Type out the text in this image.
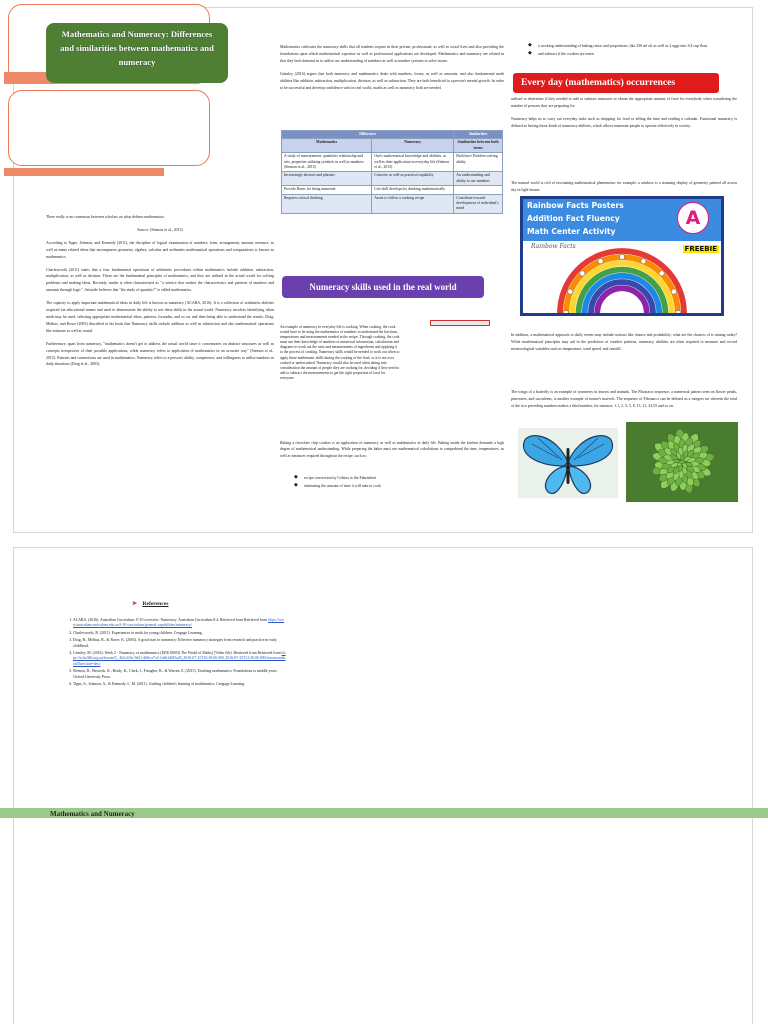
Mathematics and Numeracy: Differences and similarities between mathematics and numeracy

There really is no consensus between scholars on what defines mathematics.

Source: (Siemon et al., 2015)

According to Tippe, Johnson, and Kennedy (2011), the discipline of logical examination of numbers, form, arrangement, amount, measure, as well as many related ideas that encompasses geometry, algebra, calculus and arithmetic.mathematical operations and computations is known as mathematics.

Charlesworth (2011) states that a four fundamental operations of arithmetic procedures within mathematics include addition, subtraction, multiplication, as well as division. These are the fundamental principles of mathematics, and they are utilised in the actual world for solving problems and making ideas. Recently, maths is often characterized as "a science that studies the characteristics and patterns of numbers and amounts through logic". Aristotle believes that "the study of quantity?" is called mathematics.

The capacity to apply important mathematical ideas in daily life is known as numeracy (ACARA, 2016). It is a collection of arithmetic abilities acquired via educational means and used to demonstrate the ability to use these skills in the actual world. Numeracy involves identifying when math may be used, selecting appropriate mathematical ideas, patterns, formulas, and so on, and then being able to understand the results. Doig, Melhus, and Rowe (2003) described in his book that Numeracy skills include addition as well as subtraction and also mathematical operations like estimate as well as round.

Furthermore, apart from numeracy, "mathematics doesn't get to address the actual world since it concentrates on abstract structures as well as concepts irrespective of their possible applications, while numeracy refers to application of mathematics in an accurate way" (Siemon et al., 2015). Patterns and connections are used in mathematics. Numeracy relies to a person's ability, competence, and willingness to utilise numbers in daily situations (Doig et al., 2003).

Mathematics cultivates the numeracy skills that all students require in their private, professional, as well as social lives and also providing the foundations upon which mathematical expertise as well as professional applications are developed. Mathematics and numeracy are related in that they both demand us to utilise our understanding of numbers as well as number systems to solve issues.

Grimley (2016) argues that both numeracy and mathematics deals with numbers, forms, as well as amounts, and also fundamental math abilities like addition, subtraction, multiplication, division, as well as subtraction. They are both beneficial to a person's mental growth. In order to be successful and develop confidence with in real world, maths as well as numeracy both are needed.

Difference		Similarities
Mathematics	Numeracy	Similarities between both terms
A study of measurement, quantities relationship and sets, properties utilizing symbols as well as numbers (Siemon et al., 2015)	One's mathematical knowledge and abilities, as well as their application in everyday life (Siemon et al., 2015)	Both have Problem solving ability
Increasingly abstract and platonic	Concrete as well as practical capability	An understanding and ability to use numbers
Provide Bases for being numerate	Life skill develops by thinking mathematically	
Requires critical thinking	Assist to follow a cooking recipe	Contribute towards development of individual's mind
Numeracy skills used in the real world
An example of numeracy in everyday life is cooking. When cooking, the cook would have to be using the mathematics of numbers to understand the fractions, temperatures and measurements needed in the recipe. Through cooking, the cook must use their knowledge of numbers or numerical information, calculations and diagrams to work out the ratio and measurements of ingredients and applying it to the process of cooking. Numeracy skills would be needed to work out when to apply these mathematic skills during the cooking of the food, so it is not over cooked or undercooked. Numeracy would also be used when taking into consideration the amount of people they are cooking for, deciding if they need to add or subtract the measurements to get the right proportion of food for everyone.
Baking a chocolate chip cookies is an application of numeracy as well as mathematics in daily life. Baking inside the kitchen demands a high degree of mathematical understanding. While preparing the baker must use mathematical calculations to comprehend the time, temperatures, as well as measures required throughout the recipe, such as:
◆ recipe conversion by Celsius to the Fahrenheit
◆ estimating the amount of time it will take to cook
◆ a working understanding of baking ratios and proportions, like 250 ml oil as well as 2 eggs into 3/4 cup flour
◆ and subtract if the cookies are eaten
Every day (mathematics) occurrences

utilised to determine if they needed to add or subtract measures to obtain the appropriate amount of food for everybody when considering the number of persons they are preparing for.

Numeracy helps us to carry out everyday tasks such as shopping for food or telling the time and reading a calendar. Functional numeracy is defined as having those kinds of numeracy abilities, which allows numerate people to operate effectively in society.

The natural world is rich of fascinating mathematical phenomena: for example, a rainbow is a stunning display of geometry painted all across sky in light beams.

Rainbow Facts Posters
Addition Fact Fluency
Math Center Activity
A
FREEBIE
Rainbow Facts

In addition, a mathematical approach to daily events may include notions like chance and probability; what are the chances of it raining today? While mathematical principles may aid in the prediction of weather patterns, numeracy abilities are often required to measure and record meteorological variables such as temperature, wind speed, and rainfall.

The wings of a butterfly is an example of symmetry in insects and animals. The Fibonacci sequence, a numerical pattern seen on flower petals, pinecones, and succulents, is another example of nature's marvels. The sequence of Fibonacci can be defined as a integers set wherein the total of the two preceding numbers makes a third number, for instance, 1,1, 2, 3, 5, 8, 13, 21, 34,55 and so on.

➤ References
1. ACARA. (2016). Australian Curriculum: F-10 overview: Numeracy: Australian Curriculum 8.4. Retrieved from Retrieved from https://www.australiancurriculum.edu.au/f-10-curriculum/general-capabilities/numeracy/
2. Charlesworth, R. (2011). Experiences in math for young children. Cengage Learning.
3. Doig, B., Melhus, B., & Rowe, K. (2003). A good start to numeracy: Effective numeracy strategies from research and practice in early childhood.
4. Grimley, M. (2016). Week 2 - Numeracy vs mathematics (EDU10003) The World of Maths) [Video file]. Retrieved from Retrieved from https://echo360.org.au/lesson/G_4b5c2f3e-9d41-4f8e-a7c2-1e6b3d0f5a28_2016-07-25T10:30:00.000_2016-07-25T11:30:00.000/classroom#sortDirection=desc
5. Siemon, D., Beswick, K., Brady, K., Clark, J., Faragher, R., & Warren, E. (2015). Teaching mathematics: Foundations to middle years. Oxford University Press.
6. Tipps, S., Johnson, A., & Kennedy, L. M. (2011). Guiding children's learning of mathematics. Cengage Learning.
Mathematics and Numeracy
